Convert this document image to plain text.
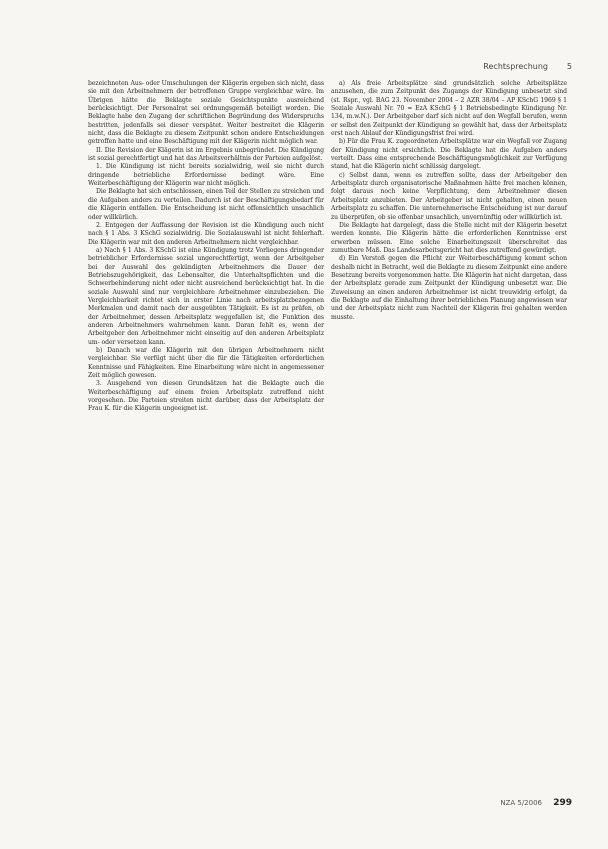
Rechtsprechung 5

bezeichneten Aus- oder Umschulungen der Klägerin ergeben sich nicht, dass sie mit den Arbeitnehmern der betroffenen Gruppe vergleichbar wäre. Im Übrigen hätte die Beklagte soziale Gesichtspunkte ausreichend berücksichtigt. Der Personalrat sei ordnungsgemäß beteiligt worden. Die Beklagte habe den Zugang der schriftlichen Begründung des Widerspruchs bestritten, jedenfalls sei dieser verspätet. Weiter bestreitet die Klägerin nicht, dass die Beklagte zu diesem Zeitpunkt schon andere Entscheidungen getroffen hatte und eine Beschäftigung mit der Klägerin nicht möglich war.

II. Die Revision der Klägerin ist im Ergebnis unbegründet. Die Kündigung ist sozial gerechtfertigt und hat das Arbeitsverhältnis der Parteien aufgelöst.

1. Die Kündigung ist nicht bereits sozialwidrig, weil sie nicht durch dringende betriebliche Erfordernisse bedingt wäre. Eine Weiterbeschäftigung der Klägerin war nicht möglich.

Die Beklagte hat sich entschlossen, einen Teil der Stellen zu streichen und die Aufgaben anders zu verteilen. Dadurch ist der Beschäftigungsbedarf für die Klägerin entfallen. Die Entscheidung ist nicht offensichtlich unsachlich oder willkürlich.

2. Entgegen der Auffassung der Revision ist die Kündigung auch nicht nach § 1 Abs. 3 KSchG sozialwidrig. Die Sozialauswahl ist nicht fehlerhaft. Die Klägerin war mit den anderen Arbeitnehmern nicht vergleichbar.

a) Nach § 1 Abs. 3 KSchG ist eine Kündigung trotz Vorliegens dringender betrieblicher Erfordernisse sozial ungerechtfertigt, wenn der Arbeitgeber bei der Auswahl des gekündigten Arbeitnehmers die Dauer der Betriebszugehörigkeit, das Lebensalter, die Unterhaltspflichten und die Schwerbehinderung nicht oder nicht ausreichend berücksichtigt hat. In die soziale Auswahl sind nur vergleichbare Arbeitnehmer einzubeziehen. Die Vergleichbarkeit richtet sich in erster Linie nach arbeitsplatzbezogenen Merkmalen und damit nach der ausgeübten Tätigkeit. Es ist zu prüfen, ob der Arbeitnehmer, dessen Arbeitsplatz weggefallen ist, die Funktion des anderen Arbeitnehmers wahrnehmen kann. Daran fehlt es, wenn der Arbeitgeber den Arbeitnehmer nicht einseitig auf den anderen Arbeitsplatz um- oder versetzen kann.

b) Danach war die Klägerin mit den übrigen Arbeitnehmern nicht vergleichbar. Sie verfügt nicht über die für die Tätigkeiten erforderlichen Kenntnisse und Fähigkeiten. Eine Einarbeitung wäre nicht in angemessener Zeit möglich gewesen.

3. Ausgehend von diesen Grundsätzen hat die Beklagte auch die Weiterbeschäftigung auf einem freien Arbeitsplatz zutreffend nicht vorgesehen. Die Parteien streiten nicht darüber, dass der Arbeitsplatz der Frau K. für die Klägerin ungeeignet ist.

a) Als freie Arbeitsplätze sind grundsätzlich solche Arbeitsplätze anzusehen, die zum Zeitpunkt des Zugangs der Kündigung unbesetzt sind (st. Rspr., vgl. BAG 23. November 2004 – 2 AZR 38/04 – AP KSchG 1969 § 1 Soziale Auswahl Nr. 70 = EzA KSchG § 1 Betriebsbedingte Kündigung Nr. 134, m.w.N.). Der Arbeitgeber darf sich nicht auf den Wegfall berufen, wenn er selbst den Zeitpunkt der Kündigung so gewählt hat, dass der Arbeitsplatz erst nach Ablauf der Kündigungsfrist frei wird.

b) Für die Frau K. zugeordneten Arbeitsplätze war ein Wegfall vor Zugang der Kündigung nicht ersichtlich. Die Beklagte hat die Aufgaben anders verteilt. Dass eine entsprechende Beschäftigungsmöglichkeit zur Verfügung stand, hat die Klägerin nicht schlüssig dargelegt.

c) Selbst dann, wenn es zutreffen sollte, dass der Arbeitgeber den Arbeitsplatz durch organisatorische Maßnahmen hätte frei machen können, folgt daraus noch keine Verpflichtung, dem Arbeitnehmer diesen Arbeitsplatz anzubieten. Der Arbeitgeber ist nicht gehalten, einen neuen Arbeitsplatz zu schaffen. Die unternehmerische Entscheidung ist nur darauf zu überprüfen, ob sie offenbar unsachlich, unvernünftig oder willkürlich ist.

Die Beklagte hat dargelegt, dass die Stelle nicht mit der Klägerin besetzt werden konnte. Die Klägerin hätte die erforderlichen Kenntnisse erst erwerben müssen. Eine solche Einarbeitungszeit überschreitet das zumutbare Maß. Das Landesarbeitsgericht hat dies zutreffend gewürdigt.

d) Ein Verstoß gegen die Pflicht zur Weiterbeschäftigung kommt schon deshalb nicht in Betracht, weil die Beklagte zu diesem Zeitpunkt eine andere Besetzung bereits vorgenommen hatte. Die Klägerin hat nicht dargetan, dass der Arbeitsplatz gerade zum Zeitpunkt der Kündigung unbesetzt war. Die Zuweisung an einen anderen Arbeitnehmer ist nicht treuwidrig erfolgt, da die Beklagte auf die Einhaltung ihrer betrieblichen Planung angewiesen war und der Arbeitsplatz nicht zum Nachteil der Klägerin frei gehalten werden musste.

NZA 5/2006 299
